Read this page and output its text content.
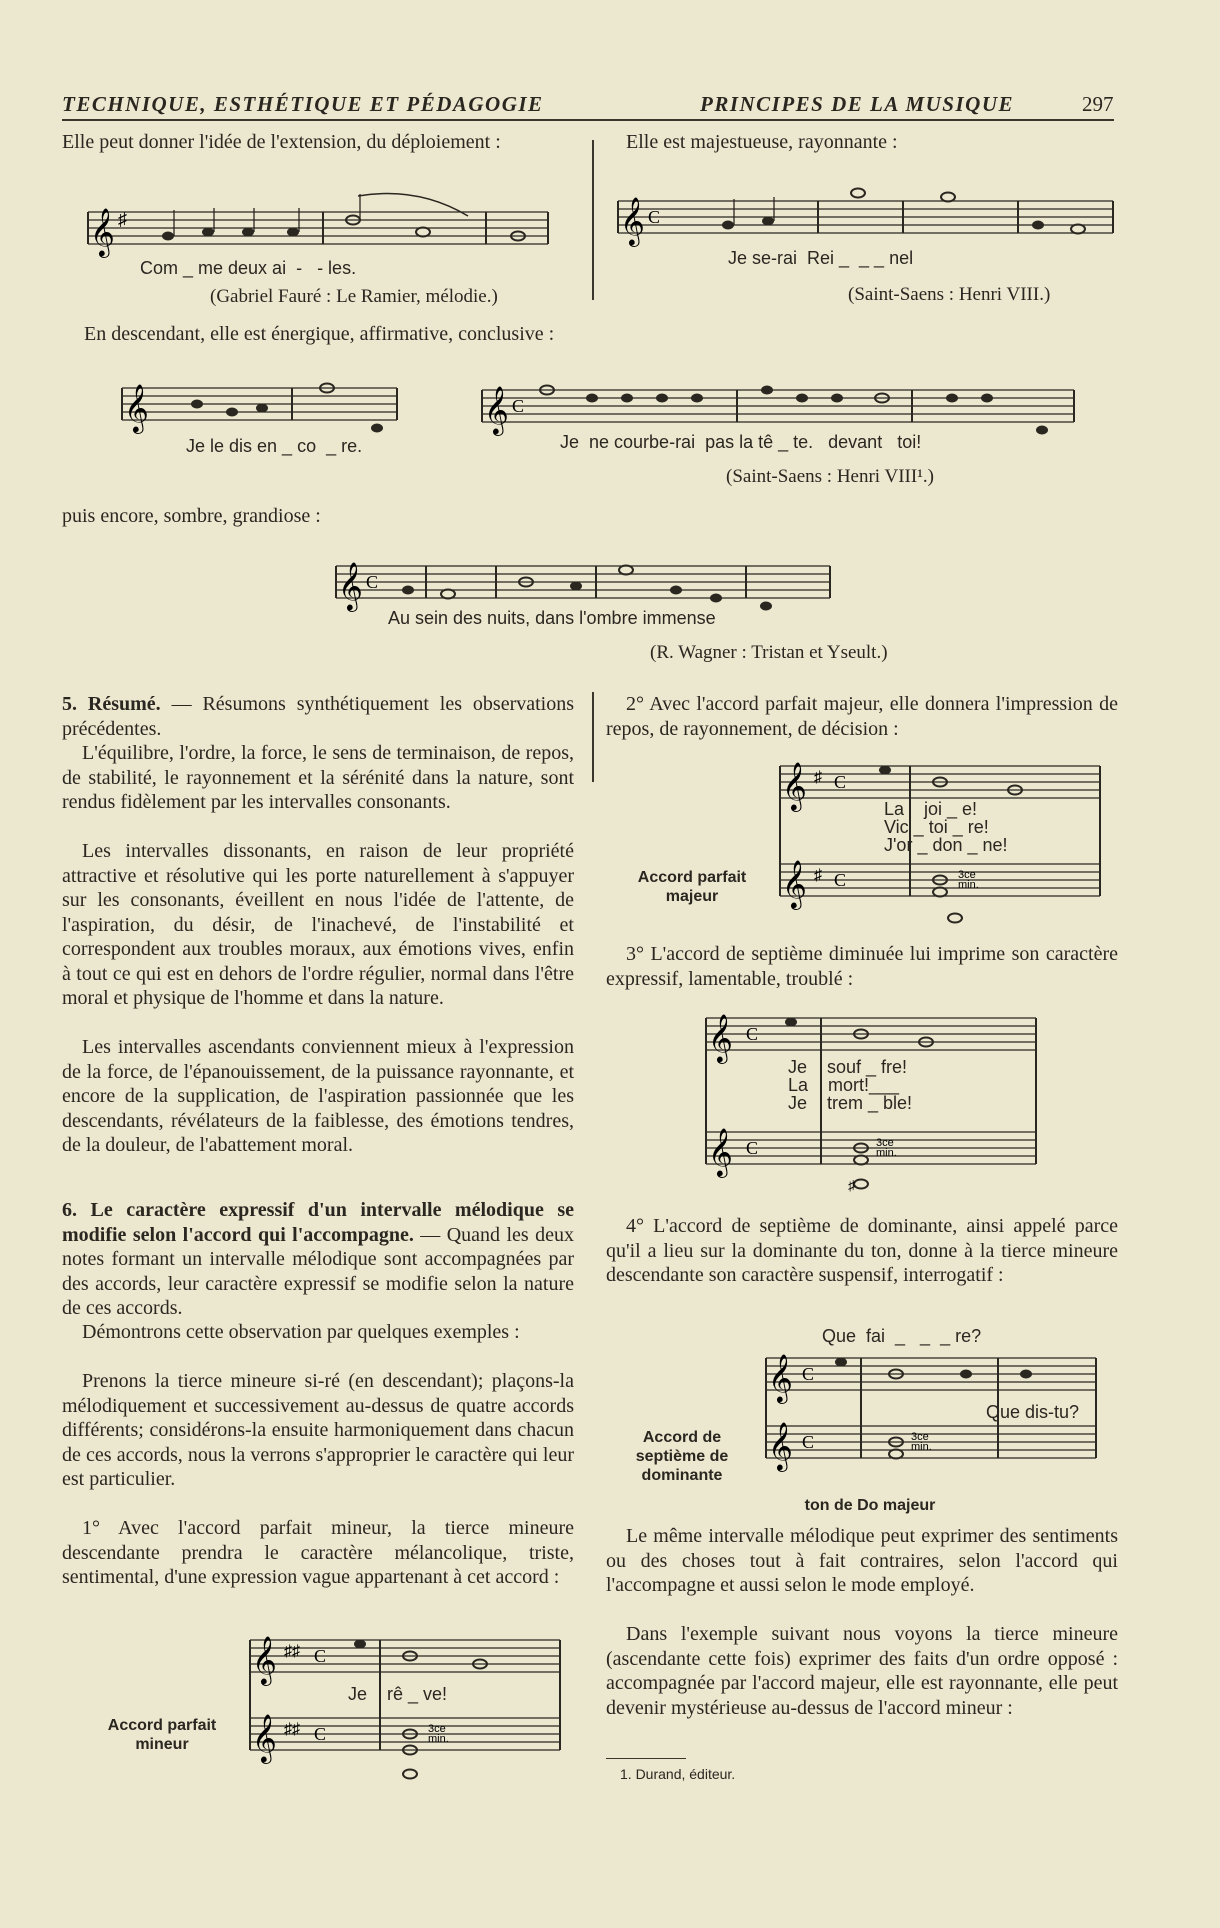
TECHNIQUE, ESTHÉTIQUE ET PÉDAGOGIE	PRINCIPES DE LA MUSIQUE	297

Elle peut donner l'idée de l'extension, du déploiement :

𝄞 ♯
Com _ me deux ai  -   - les.
(Gabriel Fauré : Le Ramier, mélodie.)

Elle est majestueuse, rayonnante :

𝄞 C
Je se-rai  Rei _  _ _ nel
(Saint-Saens : Henri VIII.)

En descendant, elle est énergique, affirmative, conclusive :

𝄞
Je le dis en _ co  _ re.
𝄞 C
Je  ne courbe-rai  pas la tê _ te.   devant   toi!
(Saint-Saens : Henri VIII¹.)

puis encore, sombre, grandiose :

𝄞 C
Au sein des nuits, dans l'ombre immense
(R. Wagner : Tristan et Yseult.)

5. Résumé. — Résumons synthétiquement les observations précédentes.

L'équilibre, l'ordre, la force, le sens de terminaison, de repos, de stabilité, le rayonnement et la sérénité dans la nature, sont rendus fidèlement par les intervalles consonants.

Les intervalles dissonants, en raison de leur propriété attractive et résolutive qui les porte naturellement à s'appuyer sur les consonants, éveillent en nous l'idée de l'attente, de l'aspiration, du désir, de l'inachevé, de l'instabilité et correspondent aux troubles moraux, aux émotions vives, enfin à tout ce qui est en dehors de l'ordre régulier, normal dans l'être moral et physique de l'homme et dans la nature.

Les intervalles ascendants conviennent mieux à l'expression de la force, de l'épanouissement, de la puissance rayonnante, et encore de la supplication, de l'aspiration passionnée que les descendants, révélateurs de la faiblesse, des émotions tendres, de la douleur, de l'abattement moral.

6. Le caractère expressif d'un intervalle mélodique se modifie selon l'accord qui l'accompagne. — Quand les deux notes formant un intervalle mélodique sont accompagnées par des accords, leur caractère expressif se modifie selon la nature de ces accords.

Démontrons cette observation par quelques exemples :

Prenons la tierce mineure si-ré (en descendant); plaçons-la mélodiquement et successivement au-dessus de quatre accords différents; considérons-la ensuite harmoniquement dans chacun de ces accords, nous la verrons s'approprier le caractère qui leur est particulier.

1° Avec l'accord parfait mineur, la tierce mineure descendante prendra le caractère mélancolique, triste, sentimental, d'une expression vague appartenant à cet accord :

𝄞
𝄞
♯♯
♯♯
C
C	3ce
min.
Je    rê _ ve!
Accord parfait mineur

2° Avec l'accord parfait majeur, elle donnera l'impression de repos, de rayonnement, de décision :

𝄞
𝄞
♯
♯
C
C	3ce
min.
La    joi _ e!
Vic _ toi _ re!
J'or _ don _ ne!
Accord parfait majeur

3° L'accord de septième diminuée lui imprime son caractère expressif, lamentable, troublé :

𝄞
𝄞
C
C	3ce
min.
♯
Je    souf _ fre!
La    mort!___
Je    trem _ ble!

4° L'accord de septième de dominante, ainsi appelé parce qu'il a lieu sur la dominante du ton, donne à la tierce mineure descendante son caractère suspensif, interrogatif :

Que  fai  _   _  _ re?
𝄞
𝄞
C
C	3ce
min.
Que dis-tu?
Accord de septième de dominante
ton de Do majeur

Le même intervalle mélodique peut exprimer des sentiments ou des choses tout à fait contraires, selon l'accord qui l'accompagne et aussi selon le mode employé.

Dans l'exemple suivant nous voyons la tierce mineure (ascendante cette fois) exprimer des faits d'un ordre opposé : accompagnée par l'accord majeur, elle est rayonnante, elle peut devenir mystérieuse au-dessus de l'accord mineur :

1. Durand, éditeur.
